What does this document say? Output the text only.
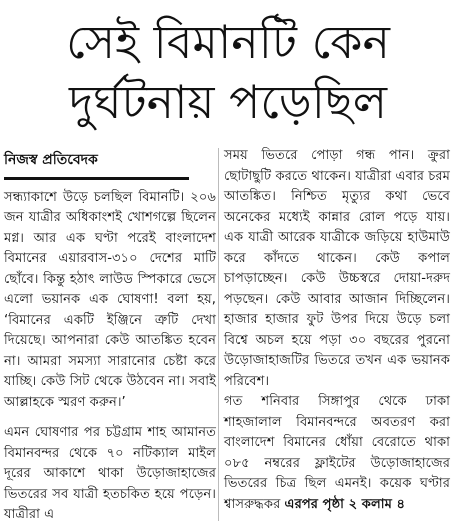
সেই বিমানটি কেন
দুর্ঘটনায় পড়েছিল
নিজস্ব প্রতিবেদক

সন্ধ্যাকাশে উড়ে চলছিল বিমানটি। ২০৬ জন যাত্রীর অধিকাংশই খোশগল্পে ছিলেন মগ্ন। আর এক ঘণ্টা পরেই বাংলাদেশ বিমানের এয়ারবাস-৩১০ দেশের মাটি ছোঁবে। কিন্তু হঠাৎ লাউড স্পিকারে ভেসে এলো ভয়ানক এক ঘোষণা! বলা হয়, ‘বিমানের একটি ইঞ্জিনে ত্রুটি দেখা দিয়েছে। আপনারা কেউ আতঙ্কিত হবেন না। আমরা সমস্যা সারানোর চেষ্টা করে যাচ্ছি। কেউ সিট থেকে উঠবেন না। সবাই আল্লাহকে স্মরণ করুন।’

এমন ঘোষণার পর চট্টগ্রাম শাহ আমানত বিমানবন্দর থেকে ৭০ নটিক্যাল মাইল দূরের আকাশে থাকা উড়োজাহাজের ভিতরের সব যাত্রী হতচকিত হয়ে পড়েন। যাত্রীরা এ

সময় ভিতরে পোড়া গন্ধ পান। ক্রুরা ছোটাছুটি করতে থাকেন। যাত্রীরা এবার চরম আতঙ্কিত। নিশ্চিত মৃত্যুর কথা ভেবে অনেকের মধ্যেই কান্নার রোল পড়ে যায়। এক যাত্রী আরেক যাত্রীকে জড়িয়ে হাউমাউ করে কাঁদতে থাকেন। কেউ কপাল চাপড়াচ্ছেন। কেউ উচ্চস্বরে দোয়া-দরুদ পড়ছেন। কেউ আবার আজান দিচ্ছিলেন। হাজার হাজার ফুট উপর দিয়ে উড়ে চলা বিশ্বে অচল হয়ে পড়া ৩০ বছরের পুরনো উড়োজাহাজটির ভিতরে তখন এক ভয়ানক পরিবেশ।

গত শনিবার সিঙ্গাপুর থেকে ঢাকা শাহজালাল বিমানবন্দরে অবতরণ করা বাংলাদেশ বিমানের ধোঁয়া বেরোতে থাকা ০৮৫ নম্বরের ফ্লাইটের উড়োজাহাজের ভিতরের চিত্র ছিল এমনই। কয়েক ঘণ্টার শ্বাসরুদ্ধকর এরপর পৃষ্ঠা ২ কলাম ৪
